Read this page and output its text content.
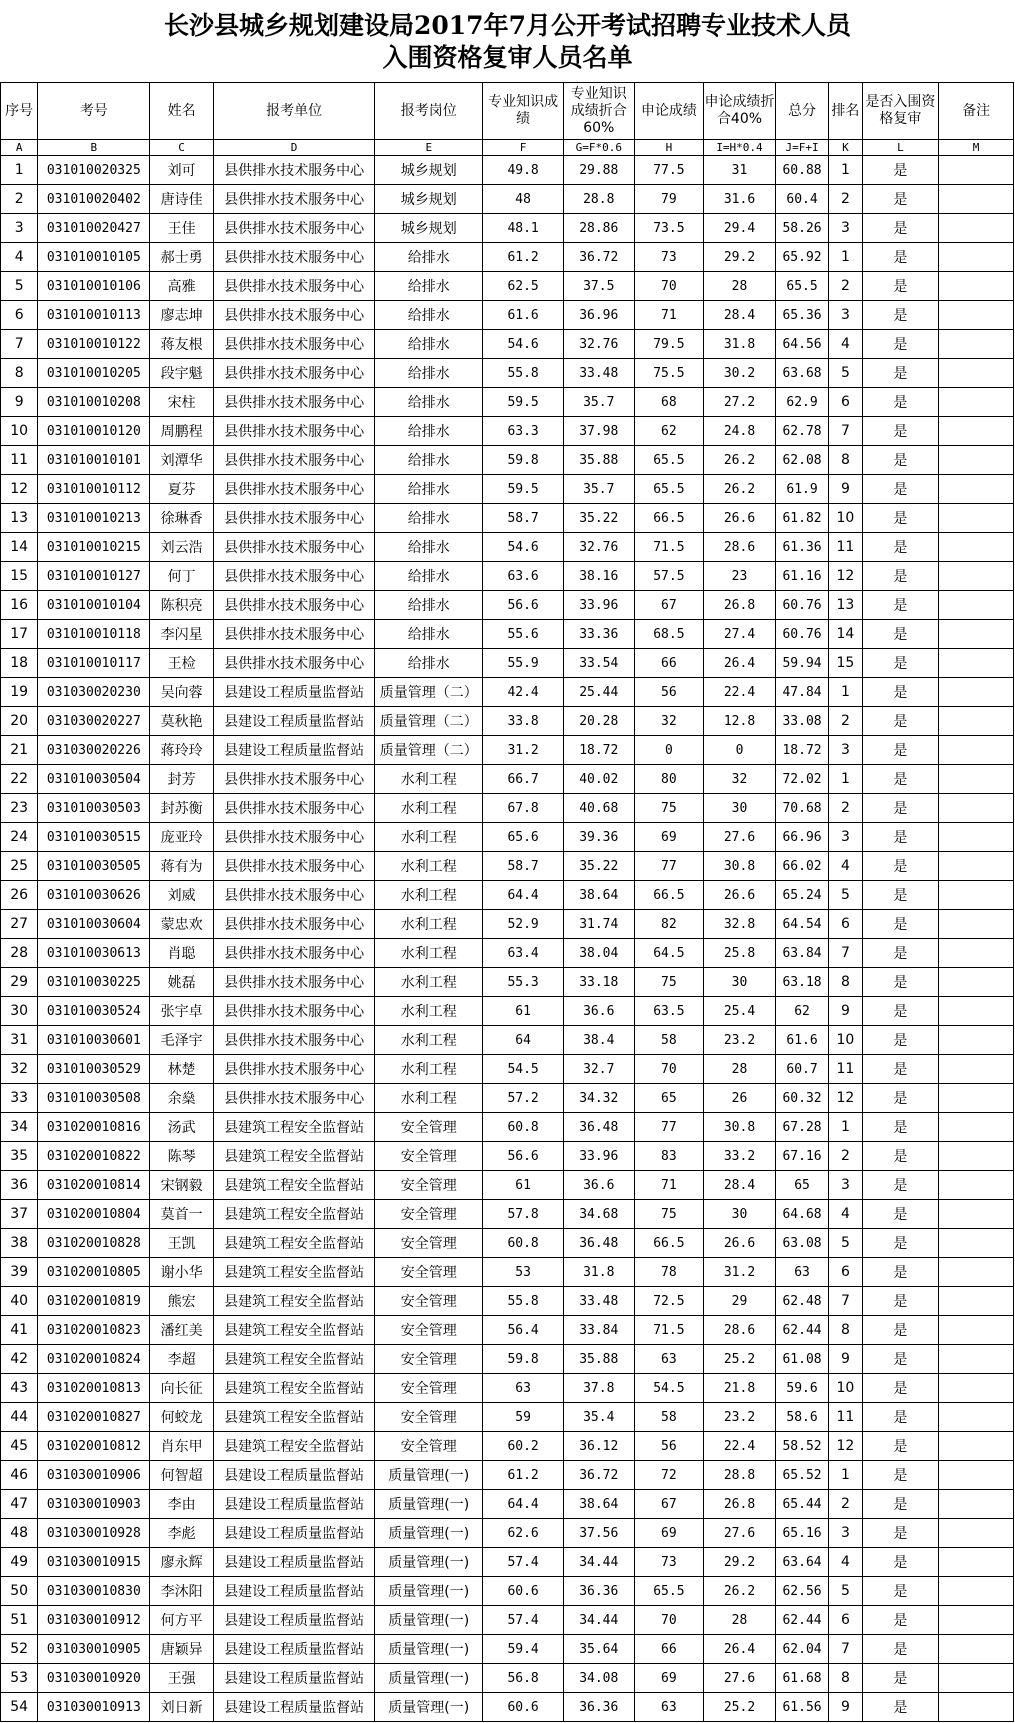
长沙县城乡规划建设局2017年7月公开考试招聘专业技术人员
入围资格复审人员名单
序号	考号	姓名	报考单位	报考岗位	专业知识成绩	专业知识成绩折合60%	申论成绩	申论成绩折合40%	总分	排名	是否入围资格复审	备注
A	B	C	D	E	F	G=F*0.6	H	I=H*0.4	J=F+I	K	L	M
1	031010020325	刘可	县供排水技术服务中心	城乡规划	49.8	29.88	77.5	31	60.88	1	是	
2	031010020402	唐诗佳	县供排水技术服务中心	城乡规划	48	28.8	79	31.6	60.4	2	是	
3	031010020427	王佳	县供排水技术服务中心	城乡规划	48.1	28.86	73.5	29.4	58.26	3	是	
4	031010010105	郝士勇	县供排水技术服务中心	给排水	61.2	36.72	73	29.2	65.92	1	是	
5	031010010106	高雅	县供排水技术服务中心	给排水	62.5	37.5	70	28	65.5	2	是	
6	031010010113	廖志坤	县供排水技术服务中心	给排水	61.6	36.96	71	28.4	65.36	3	是	
7	031010010122	蒋友根	县供排水技术服务中心	给排水	54.6	32.76	79.5	31.8	64.56	4	是	
8	031010010205	段宇魁	县供排水技术服务中心	给排水	55.8	33.48	75.5	30.2	63.68	5	是	
9	031010010208	宋柱	县供排水技术服务中心	给排水	59.5	35.7	68	27.2	62.9	6	是	
10	031010010120	周鹏程	县供排水技术服务中心	给排水	63.3	37.98	62	24.8	62.78	7	是	
11	031010010101	刘潭华	县供排水技术服务中心	给排水	59.8	35.88	65.5	26.2	62.08	8	是	
12	031010010112	夏芬	县供排水技术服务中心	给排水	59.5	35.7	65.5	26.2	61.9	9	是	
13	031010010213	徐琳香	县供排水技术服务中心	给排水	58.7	35.22	66.5	26.6	61.82	10	是	
14	031010010215	刘云浩	县供排水技术服务中心	给排水	54.6	32.76	71.5	28.6	61.36	11	是	
15	031010010127	何丁	县供排水技术服务中心	给排水	63.6	38.16	57.5	23	61.16	12	是	
16	031010010104	陈积亮	县供排水技术服务中心	给排水	56.6	33.96	67	26.8	60.76	13	是	
17	031010010118	李闪星	县供排水技术服务中心	给排水	55.6	33.36	68.5	27.4	60.76	14	是	
18	031010010117	王检	县供排水技术服务中心	给排水	55.9	33.54	66	26.4	59.94	15	是	
19	031030020230	吴向蓉	县建设工程质量监督站	质量管理（二）	42.4	25.44	56	22.4	47.84	1	是	
20	031030020227	莫秋艳	县建设工程质量监督站	质量管理（二）	33.8	20.28	32	12.8	33.08	2	是	
21	031030020226	蒋玲玲	县建设工程质量监督站	质量管理（二）	31.2	18.72	0	0	18.72	3	是	
22	031010030504	封芳	县供排水技术服务中心	水利工程	66.7	40.02	80	32	72.02	1	是	
23	031010030503	封苏衡	县供排水技术服务中心	水利工程	67.8	40.68	75	30	70.68	2	是	
24	031010030515	庞亚玲	县供排水技术服务中心	水利工程	65.6	39.36	69	27.6	66.96	3	是	
25	031010030505	蒋有为	县供排水技术服务中心	水利工程	58.7	35.22	77	30.8	66.02	4	是	
26	031010030626	刘威	县供排水技术服务中心	水利工程	64.4	38.64	66.5	26.6	65.24	5	是	
27	031010030604	蒙忠欢	县供排水技术服务中心	水利工程	52.9	31.74	82	32.8	64.54	6	是	
28	031010030613	肖聪	县供排水技术服务中心	水利工程	63.4	38.04	64.5	25.8	63.84	7	是	
29	031010030225	姚磊	县供排水技术服务中心	水利工程	55.3	33.18	75	30	63.18	8	是	
30	031010030524	张宇卓	县供排水技术服务中心	水利工程	61	36.6	63.5	25.4	62	9	是	
31	031010030601	毛泽宇	县供排水技术服务中心	水利工程	64	38.4	58	23.2	61.6	10	是	
32	031010030529	林楚	县供排水技术服务中心	水利工程	54.5	32.7	70	28	60.7	11	是	
33	031010030508	余燊	县供排水技术服务中心	水利工程	57.2	34.32	65	26	60.32	12	是	
34	031020010816	汤武	县建筑工程安全监督站	安全管理	60.8	36.48	77	30.8	67.28	1	是	
35	031020010822	陈琴	县建筑工程安全监督站	安全管理	56.6	33.96	83	33.2	67.16	2	是	
36	031020010814	宋钢毅	县建筑工程安全监督站	安全管理	61	36.6	71	28.4	65	3	是	
37	031020010804	莫首一	县建筑工程安全监督站	安全管理	57.8	34.68	75	30	64.68	4	是	
38	031020010828	王凯	县建筑工程安全监督站	安全管理	60.8	36.48	66.5	26.6	63.08	5	是	
39	031020010805	谢小华	县建筑工程安全监督站	安全管理	53	31.8	78	31.2	63	6	是	
40	031020010819	熊宏	县建筑工程安全监督站	安全管理	55.8	33.48	72.5	29	62.48	7	是	
41	031020010823	潘红美	县建筑工程安全监督站	安全管理	56.4	33.84	71.5	28.6	62.44	8	是	
42	031020010824	李超	县建筑工程安全监督站	安全管理	59.8	35.88	63	25.2	61.08	9	是	
43	031020010813	向长征	县建筑工程安全监督站	安全管理	63	37.8	54.5	21.8	59.6	10	是	
44	031020010827	何蛟龙	县建筑工程安全监督站	安全管理	59	35.4	58	23.2	58.6	11	是	
45	031020010812	肖东甲	县建筑工程安全监督站	安全管理	60.2	36.12	56	22.4	58.52	12	是	
46	031030010906	何智超	县建设工程质量监督站	质量管理(一)	61.2	36.72	72	28.8	65.52	1	是	
47	031030010903	李由	县建设工程质量监督站	质量管理(一)	64.4	38.64	67	26.8	65.44	2	是	
48	031030010928	李彪	县建设工程质量监督站	质量管理(一)	62.6	37.56	69	27.6	65.16	3	是	
49	031030010915	廖永辉	县建设工程质量监督站	质量管理(一)	57.4	34.44	73	29.2	63.64	4	是	
50	031030010830	李沐阳	县建设工程质量监督站	质量管理(一)	60.6	36.36	65.5	26.2	62.56	5	是	
51	031030010912	何方平	县建设工程质量监督站	质量管理(一)	57.4	34.44	70	28	62.44	6	是	
52	031030010905	唐颖异	县建设工程质量监督站	质量管理(一)	59.4	35.64	66	26.4	62.04	7	是	
53	031030010920	王强	县建设工程质量监督站	质量管理(一)	56.8	34.08	69	27.6	61.68	8	是	
54	031030010913	刘日新	县建设工程质量监督站	质量管理(一)	60.6	36.36	63	25.2	61.56	9	是	
